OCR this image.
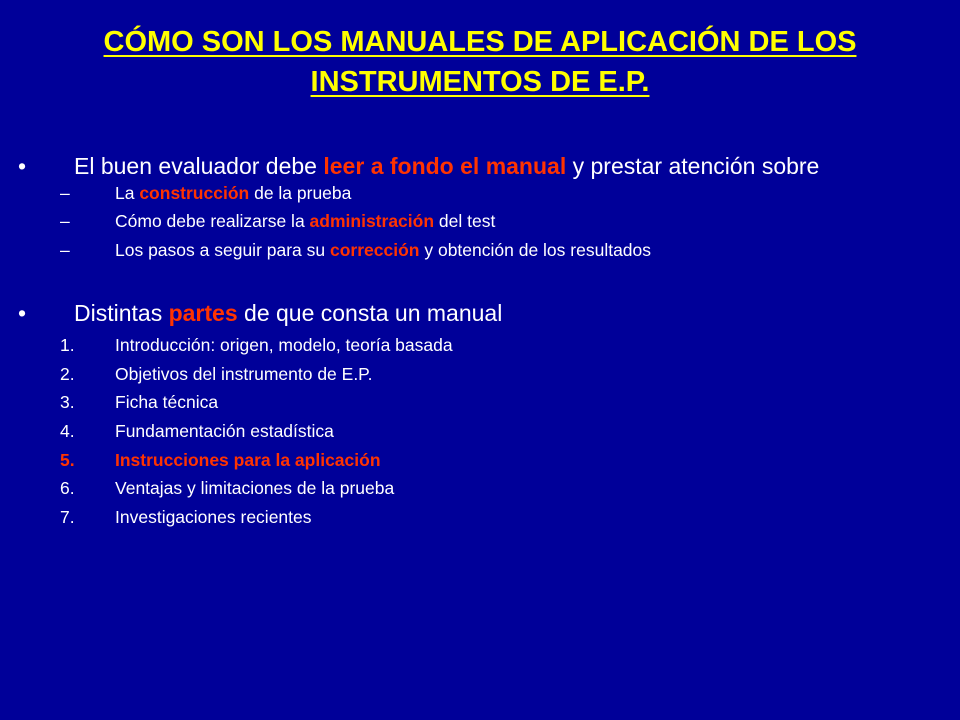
CÓMO SON LOS MANUALES DE APLICACIÓN DE LOS
INSTRUMENTOS DE E.P.
•	El buen evaluador debe leer a fondo el manual y prestar atención sobre
–	La construcción de la prueba
–	Cómo debe realizarse la administración del test
–	Los pasos a seguir para su corrección y obtención de los resultados
•	Distintas partes de que consta un manual
1.	Introducción: origen, modelo, teoría basada
2.	Objetivos del instrumento de E.P.
3.	Ficha técnica
4.	Fundamentación estadística
5.	Instrucciones para la aplicación
6.	Ventajas y limitaciones de la prueba
7.	Investigaciones recientes
